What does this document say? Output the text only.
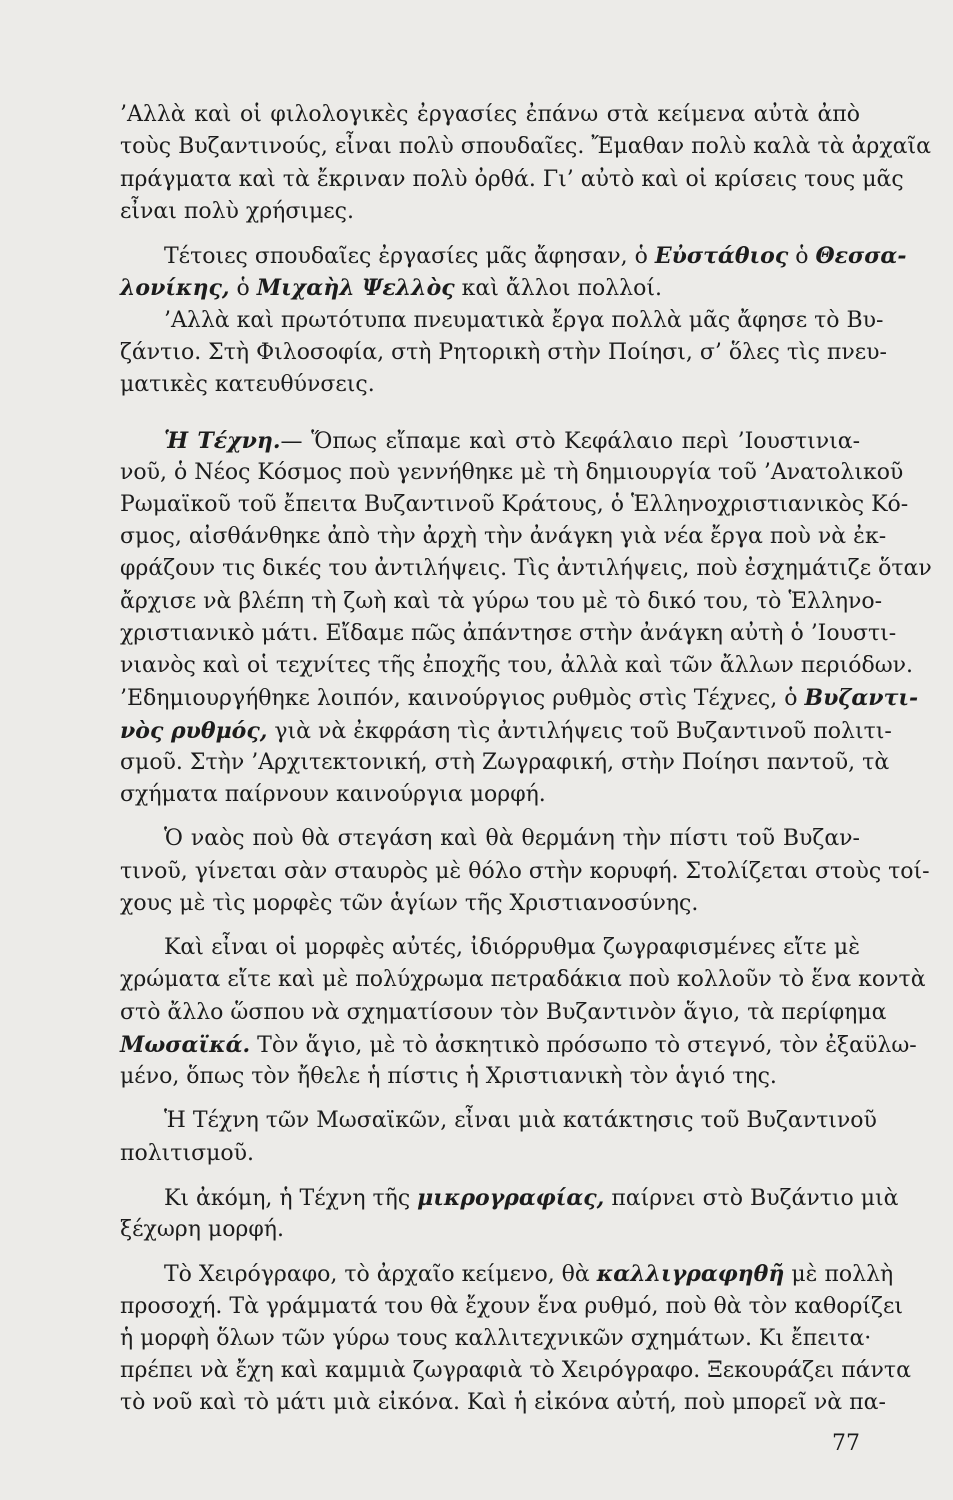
’Αλλὰ καὶ οἱ φιλολογικὲς ἐργασίες ἐπάνω στὰ κείμενα αὐτὰ ἀπὸ
τοὺς Βυζαντινούς, εἶναι πολὺ σπουδαῖες. Ἔμαθαν πολὺ καλὰ τὰ ἀρχαῖα
πράγματα καὶ τὰ ἔκριναν πολὺ ὀρθά. Γι’ αὐτὸ καὶ οἱ κρίσεις τους μᾶς
εἶναι πολὺ χρήσιμες.
Τέτοιες σπουδαῖες ἐργασίες μᾶς ἄφησαν, ὁ Εὐστάθιος ὁ Θεσσα-
λονίκης, ὁ Μιχαὴλ Ψελλὸς καὶ ἄλλοι πολλοί.
’Αλλὰ καὶ πρωτότυπα πνευματικὰ ἔργα πολλὰ μᾶς ἄφησε τὸ Βυ-
ζάντιο. Στὴ Φιλοσοφία, στὴ Ρητορικὴ στὴν Ποίησι, σ’ ὅλες τὶς πνευ-
ματικὲς κατευθύνσεις.
Ἡ Τέχνη.— Ὅπως εἴπαμε καὶ στὸ Κεφάλαιο περὶ ’Ιουστινια-
νοῦ, ὁ Νέος Κόσμος ποὺ γεννήθηκε μὲ τὴ δημιουργία τοῦ ’Ανατολικοῦ
Ρωμαϊκοῦ τοῦ ἔπειτα Βυζαντινοῦ Κράτους, ὁ Ἑλληνοχριστιανικὸς Κό-
σμος, αἰσθάνθηκε ἀπὸ τὴν ἀρχὴ τὴν ἀνάγκη γιὰ νέα ἔργα ποὺ νὰ ἐκ-
φράζουν τις δικές του ἀντιλήψεις. Τὶς ἀντιλήψεις, ποὺ ἐσχημάτιζε ὅταν
ἄρχισε νὰ βλέπη τὴ ζωὴ καὶ τὰ γύρω του μὲ τὸ δικό του, τὸ Ἑλληνο-
χριστιανικὸ μάτι. Εἴδαμε πῶς ἀπάντησε στὴν ἀνάγκη αὐτὴ ὁ ’Ιουστι-
νιανὸς καὶ οἱ τεχνίτες τῆς ἐποχῆς του, ἀλλὰ καὶ τῶν ἄλλων περιόδων.
’Εδημιουργήθηκε λοιπόν, καινούργιος ρυθμὸς στὶς Τέχνες, ὁ Βυζαντι-
νὸς ρυθμός, γιὰ νὰ ἐκφράση τὶς ἀντιλήψεις τοῦ Βυζαντινοῦ πολιτι-
σμοῦ. Στὴν ’Αρχιτεκτονική, στὴ Ζωγραφική, στὴν Ποίησι παντοῦ, τὰ
σχήματα παίρνουν καινούργια μορφή.
Ὁ ναὸς ποὺ θὰ στεγάση καὶ θὰ θερμάνη τὴν πίστι τοῦ Βυζαν-
τινοῦ, γίνεται σὰν σταυρὸς μὲ θόλο στὴν κορυφή. Στολίζεται στοὺς τοί-
χους μὲ τὶς μορφὲς τῶν ἁγίων τῆς Χριστιανοσύνης.
Καὶ εἶναι οἱ μορφὲς αὐτές, ἰδιόρρυθμα ζωγραφισμένες εἴτε μὲ
χρώματα εἴτε καὶ μὲ πολύχρωμα πετραδάκια ποὺ κολλοῦν τὸ ἕνα κοντὰ
στὸ ἄλλο ὥσπου νὰ σχηματίσουν τὸν Βυζαντινὸν ἅγιο, τὰ περίφημα
Μωσαϊκά. Τὸν ἅγιο, μὲ τὸ ἀσκητικὸ πρόσωπο τὸ στεγνό, τὸν ἐξαϋλω-
μένο, ὅπως τὸν ἤθελε ἡ πίστις ἡ Χριστιανικὴ τὸν ἁγιό της.
Ἡ Τέχνη τῶν Μωσαϊκῶν, εἶναι μιὰ κατάκτησις τοῦ Βυζαντινοῦ
πολιτισμοῦ.
Κι ἀκόμη, ἡ Τέχνη τῆς μικρογραφίας, παίρνει στὸ Βυζάντιο μιὰ
ξέχωρη μορφή.
Τὸ Χειρόγραφο, τὸ ἀρχαῖο κείμενο, θὰ καλλιγραφηθῆ μὲ πολλὴ
προσοχή. Τὰ γράμματά του θὰ ἔχουν ἕνα ρυθμό, ποὺ θὰ τὸν καθορίζει
ἡ μορφὴ ὅλων τῶν γύρω τους καλλιτεχνικῶν σχημάτων. Κι ἔπειτα·
πρέπει νὰ ἔχη καὶ καμμιὰ ζωγραφιὰ τὸ Χειρόγραφο. Ξεκουράζει πάντα
τὸ νοῦ καὶ τὸ μάτι μιὰ εἰκόνα. Καὶ ἡ εἰκόνα αὐτή, ποὺ μπορεῖ νὰ πα-
77
